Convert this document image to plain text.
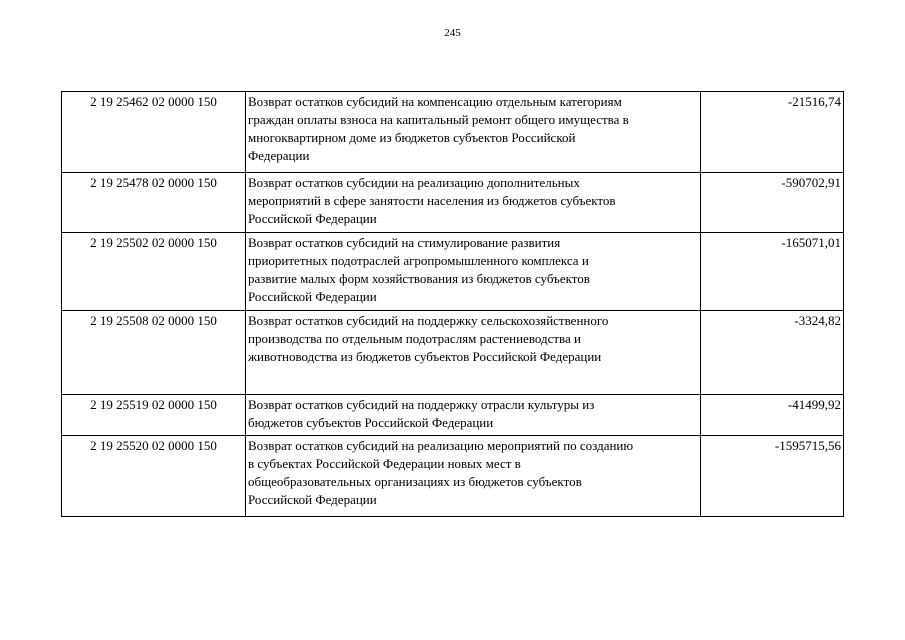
245
2 19 25462 02 0000 150	Возврат остатков субсидий на компенсацию отдельным категориям
граждан оплаты взноса на капитальный ремонт общего имущества в
многоквартирном доме из бюджетов субъектов Российской
Федерации	-21516,74
2 19 25478 02 0000 150	Возврат остатков субсидии на реализацию дополнительных
мероприятий в сфере занятости населения из бюджетов субъектов
Российской Федерации	-590702,91
2 19 25502 02 0000 150	Возврат остатков субсидий на стимулирование развития
приоритетных подотраслей агропромышленного комплекса и
развитие малых форм хозяйствования из бюджетов субъектов
Российской Федерации	-165071,01
2 19 25508 02 0000 150	Возврат остатков субсидий на поддержку сельскохозяйственного
производства по отдельным подотраслям растениеводства и
животноводства из бюджетов субъектов Российской Федерации	-3324,82
2 19 25519 02 0000 150	Возврат остатков субсидий на поддержку отрасли культуры из
бюджетов субъектов Российской Федерации	-41499,92
2 19 25520 02 0000 150	Возврат остатков субсидий на реализацию мероприятий по созданию
в субъектах Российской Федерации новых мест в
общеобразовательных организациях из бюджетов субъектов
Российской Федерации	-1595715,56
